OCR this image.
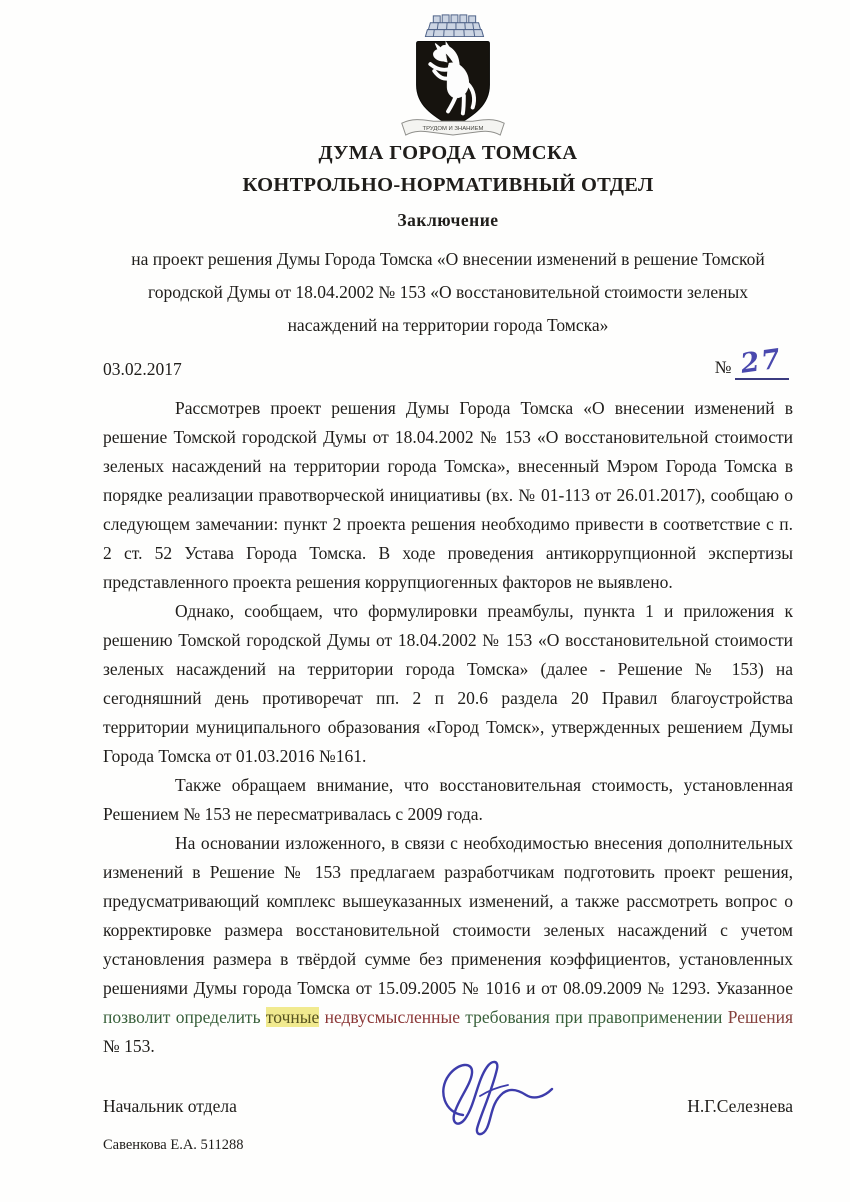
ТРУДОМ И ЗНАНИЕМ
ДУМА ГОРОДА ТОМСКА
КОНТРОЛЬНО-НОРМАТИВНЫЙ ОТДЕЛ
Заключение
на проект решения Думы Города Томска «О внесении изменений в решение Томской городской Думы от 18.04.2002 № 153 «О восстановительной стоимости зеленых насаждений на территории города Томска»
03.02.2017	№ 27

Рассмотрев проект решения Думы Города Томска «О внесении изменений в решение Томской городской Думы от 18.04.2002 № 153 «О восстановительной стоимости зеленых насаждений на территории города Томска», внесенный Мэром Города Томска в порядке реализации правотворческой инициативы (вх. № 01-113 от 26.01.2017), сообщаю о следующем замечании: пункт 2 проекта решения необходимо привести в соответствие с п. 2 ст. 52 Устава Города Томска. В ходе проведения антикоррупционной экспертизы представленного проекта решения коррупциогенных факторов не выявлено.

Однако, сообщаем, что формулировки преамбулы, пункта 1 и приложения к решению Томской городской Думы от 18.04.2002 № 153 «О восстановительной стоимости зеленых насаждений на территории города Томска» (далее - Решение № 153) на сегодняшний день противоречат пп. 2 п 20.6 раздела 20 Правил благоустройства территории муниципального образования «Город Томск», утвержденных решением Думы Города Томска от 01.03.2016 №161.

Также обращаем внимание, что восстановительная стоимость, установленная Решением № 153 не пересматривалась с 2009 года.

На основании изложенного, в связи с необходимостью внесения дополнительных изменений в Решение № 153 предлагаем разработчикам подготовить проект решения, предусматривающий комплекс вышеуказанных изменений, а также рассмотреть вопрос о корректировке размера восстановительной стоимости зеленых насаждений с учетом установления размера в твёрдой сумме без применения коэффициентов, установленных решениями Думы города Томска от 15.09.2005 № 1016 и от 08.09.2009 № 1293. Указанное позволит определить точные недвусмысленные требования при правоприменении Решения № 153.

Начальник отдела	Н.Г.Селезнева
Савенкова Е.А. 511288
